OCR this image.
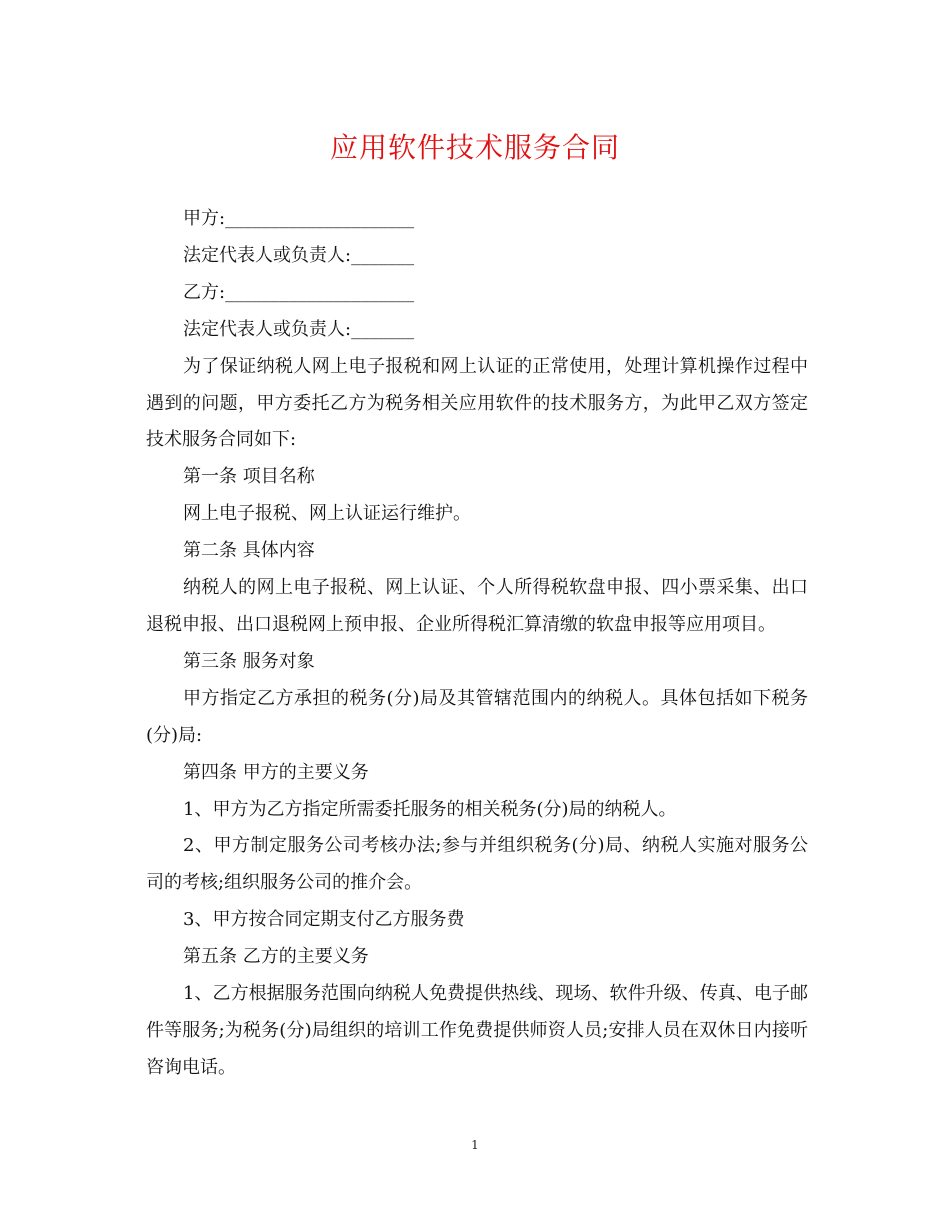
应用软件技术服务合同

甲方:_____________________

法定代表人或负责人:_______

乙方:_____________________

法定代表人或负责人:_______

为了保证纳税人网上电子报税和网上认证的正常使用，处理计算机操作过程中遇到的问题，甲方委托乙方为税务相关应用软件的技术服务方，为此甲乙双方签定技术服务合同如下:

第一条 项目名称

网上电子报税、网上认证运行维护。

第二条 具体内容

纳税人的网上电子报税、网上认证、个人所得税软盘申报、四小票采集、出口退税申报、出口退税网上预申报、企业所得税汇算清缴的软盘申报等应用项目。

第三条 服务对象

甲方指定乙方承担的税务(分)局及其管辖范围内的纳税人。具体包括如下税务(分)局:

第四条 甲方的主要义务

1、甲方为乙方指定所需委托服务的相关税务(分)局的纳税人。

2、甲方制定服务公司考核办法;参与并组织税务(分)局、纳税人实施对服务公司的考核;组织服务公司的推介会。

3、甲方按合同定期支付乙方服务费

第五条 乙方的主要义务

1、乙方根据服务范围向纳税人免费提供热线、现场、软件升级、传真、电子邮件等服务;为税务(分)局组织的培训工作免费提供师资人员;安排人员在双休日内接听咨询电话。

1
